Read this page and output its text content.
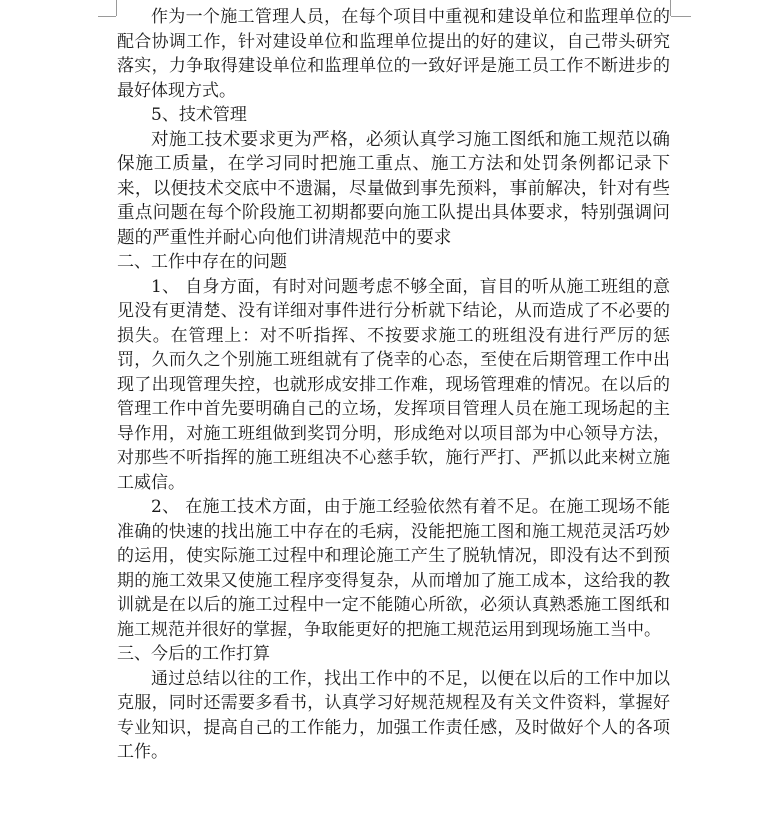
作为一个施工管理人员，在每个项目中重视和建设单位和监理单位的配合协调工作，针对建设单位和监理单位提出的好的建议，自己带头研究落实，力争取得建设单位和监理单位的一致好评是施工员工作不断进步的最好体现方式。

5、技术管理

对施工技术要求更为严格，必须认真学习施工图纸和施工规范以确保施工质量，在学习同时把施工重点、施工方法和处罚条例都记录下来，以便技术交底中不遗漏，尽量做到事先预料，事前解决，针对有些重点问题在每个阶段施工初期都要向施工队提出具体要求，特别强调问题的严重性并耐心向他们讲清规范中的要求

二、工作中存在的问题

1、 自身方面，有时对问题考虑不够全面，盲目的听从施工班组的意见没有更清楚、没有详细对事件进行分析就下结论，从而造成了不必要的损失。在管理上：对不听指挥、不按要求施工的班组没有进行严厉的惩罚，久而久之个别施工班组就有了侥幸的心态，至使在后期管理工作中出现了出现管理失控，也就形成安排工作难，现场管理难的情况。在以后的管理工作中首先要明确自己的立场，发挥项目管理人员在施工现场起的主导作用，对施工班组做到奖罚分明，形成绝对以项目部为中心领导方法，对那些不听指挥的施工班组决不心慈手软，施行严打、严抓以此来树立施工威信。

2、 在施工技术方面，由于施工经验依然有着不足。在施工现场不能准确的快速的找出施工中存在的毛病，没能把施工图和施工规范灵活巧妙的运用，使实际施工过程中和理论施工产生了脱轨情况，即没有达不到预期的施工效果又使施工程序变得复杂，从而增加了施工成本，这给我的教训就是在以后的施工过程中一定不能随心所欲，必须认真熟悉施工图纸和施工规范并很好的掌握，争取能更好的把施工规范运用到现场施工当中。

三、今后的工作打算

通过总结以往的工作，找出工作中的不足，以便在以后的工作中加以克服，同时还需要多看书，认真学习好规范规程及有关文件资料，掌握好专业知识，提高自己的工作能力，加强工作责任感，及时做好个人的各项工作。
